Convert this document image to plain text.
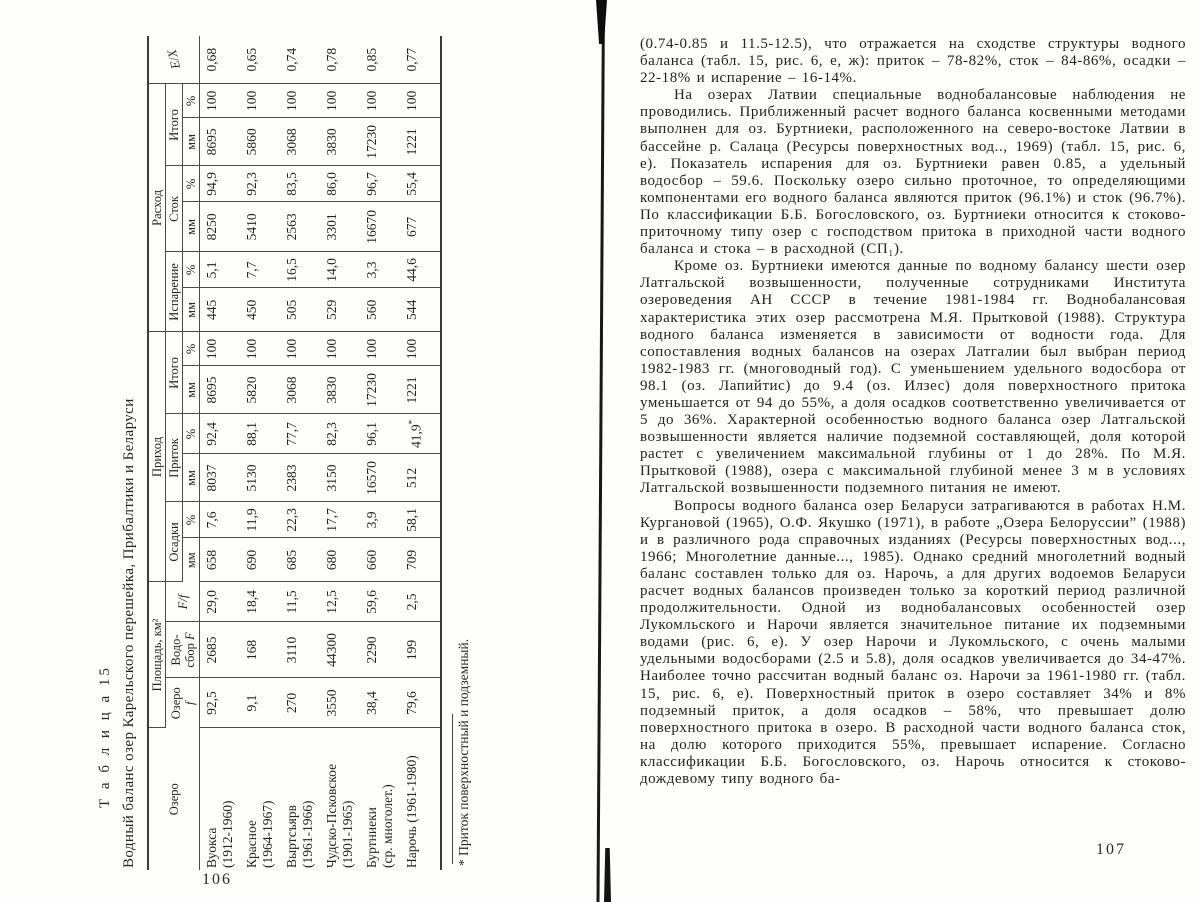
Т а б л и ц а 15 Водный баланс озер Карельского перешейка, Прибалтики и Беларуси Озеро	Площадь, км²			Приход						Расход						Е/Х
	Озеро
f	Водо-
сбор F	F/f	Осадки		Приток		Итого		Испарение		Сток		Итого		
				мм	%	мм	%	мм	%	мм	%	мм	%	мм	%	

Вуокса (1912-1960)	92,5	2685	29,0	658	7,6	8037	92,4	8695	100	445	5,1	8250	94,9	8695	100	0,68

Красное (1964-1967)	9,1	168	18,4	690	11,9	5130	88,1	5820	100	450	7,7	5410	92,3	5860	100	0,65

Выртсъярв (1961-1966)	270	3110	11,5	685	22,3	2383	77,7	3068	100	505	16,5	2563	83,5	3068	100	0,74

Чудско-Псковское (1901-1965)	3550	44300	12,5	680	17,7	3150	82,3	3830	100	529	14,0	3301	86,0	3830	100	0,78

Буртниеки (ср. многолет.)	38,4	2290	59,6	660	3,9	16570	96,1	17230	100	560	3,3	16670	96,7	17230	100	0,85

Нарочь (1961-1980)	79,6	199	2,5	709	58,1	512	41,9*	1221	100	544	44,6	677	55,4	1221	100	0,77
* Приток поверхностный и подземный.
106

(0.74-0.85 и 11.5-12.5), что отражается на сходстве структуры водного баланса (табл. 15, рис. 6, е, ж): приток – 78-82%, сток – 84-86%, осадки – 22-18% и испарение – 16-14%.

На озерах Латвии специальные воднобалансовые наблюдения не проводились. Приближенный расчет водного баланса косвенными методами выполнен для оз. Буртниеки, расположенного на северо-востоке Латвии в бассейне р. Салаца (Ресурсы поверхностных вод.., 1969) (табл. 15, рис. 6, е). Показатель испарения для оз. Буртниеки равен 0.85, а удельный водосбор – 59.6. Поскольку озеро сильно проточное, то определяющими компонентами его водного баланса являются приток (96.1%) и сток (96.7%). По классификации Б.Б. Богословского, оз. Буртниеки относится к стоково-приточному типу озер с господством притока в приходной части водного баланса и стока – в расходной (СП₁).

Кроме оз. Буртниеки имеются данные по водному балансу шести озер Латгальской возвышенности, полученные сотрудниками Института озероведения АН СССР в течение 1981-1984 гг. Воднобалансовая характеристика этих озер рассмотрена М.Я. Прытковой (1988). Структура водного баланса изменяется в зависимости от водности года. Для сопоставления водных балансов на озерах Латгалии был выбран период 1982-1983 гг. (многоводный год). С уменьшением удельного водосбора от 98.1 (оз. Лапийтис) до 9.4 (оз. Илзес) доля поверхностного притока уменьшается от 94 до 55%, а доля осадков соответственно увеличивается от 5 до 36%. Характерной особенностью водного баланса озер Латгальской возвышенности является наличие подземной составляющей, доля которой растет с увеличением максимальной глубины от 1 до 28%. По М.Я. Прытковой (1988), озера с максимальной глубиной менее 3 м в условиях Латгальской возвышенности подземного питания не имеют.

Вопросы водного баланса озер Беларуси затрагиваются в работах Н.М. Кургановой (1965), О.Ф. Якушко (1971), в работе „Озера Белоруссии” (1988) и в различного рода справочных изданиях (Ресурсы поверхностных вод..., 1966; Многолетние данные..., 1985). Однако средний многолетний водный баланс составлен только для оз. Нарочь, а для других водоемов Беларуси расчет водных балансов произведен только за короткий период различной продолжительности. Одной из воднобалансовых особенностей озер Лукомльского и Нарочи является значительное питание их подземными водами (рис. 6, е). У озер Нарочи и Лукомльского, с очень малыми удельными водосборами (2.5 и 5.8), доля осадков увеличивается до 34-47%. Наиболее точно рассчитан водный баланс оз. Нарочи за 1961-1980 гг. (табл. 15, рис. 6, е). Поверхностный приток в озеро составляет 34% и 8% подземный приток, а доля осадков – 58%, что превышает долю поверхностного притока в озеро. В расходной части водного баланса сток, на долю которого приходится 55%, превышает испарение. Согласно классификации Б.Б. Богословского, оз. Нарочь относится к стоково-дождевому типу водного ба-

107
